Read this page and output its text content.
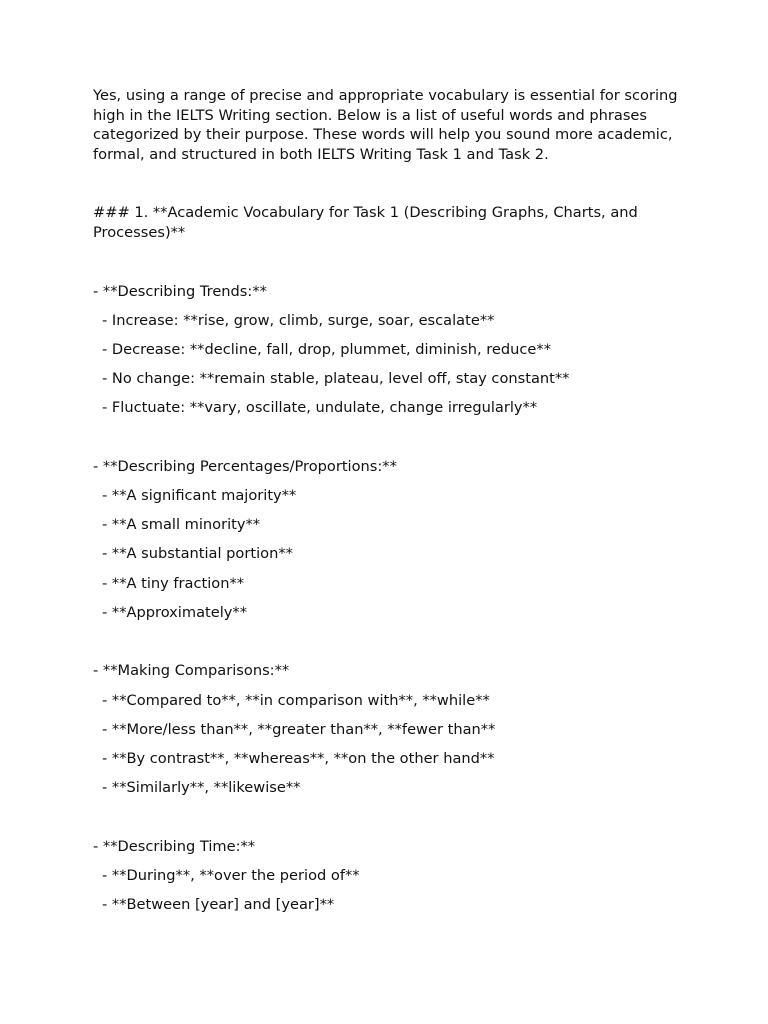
Yes, using a range of precise and appropriate vocabulary is essential for scoring high in the IELTS Writing section. Below is a list of useful words and phrases categorized by their purpose. These words will help you sound more academic, formal, and structured in both IELTS Writing Task 1 and Task 2.

### 1. **Academic Vocabulary for Task 1 (Describing Graphs, Charts, and Processes)**

- **Describing Trends:**

- Increase: **rise, grow, climb, surge, soar, escalate**

- Decrease: **decline, fall, drop, plummet, diminish, reduce**

- No change: **remain stable, plateau, level off, stay constant**

- Fluctuate: **vary, oscillate, undulate, change irregularly**

- **Describing Percentages/Proportions:**

- **A significant majority**

- **A small minority**

- **A substantial portion**

- **A tiny fraction**

- **Approximately**

- **Making Comparisons:**

- **Compared to**, **in comparison with**, **while**

- **More/less than**, **greater than**, **fewer than**

- **By contrast**, **whereas**, **on the other hand**

- **Similarly**, **likewise**

- **Describing Time:**

- **During**, **over the period of**

- **Between [year] and [year]**
